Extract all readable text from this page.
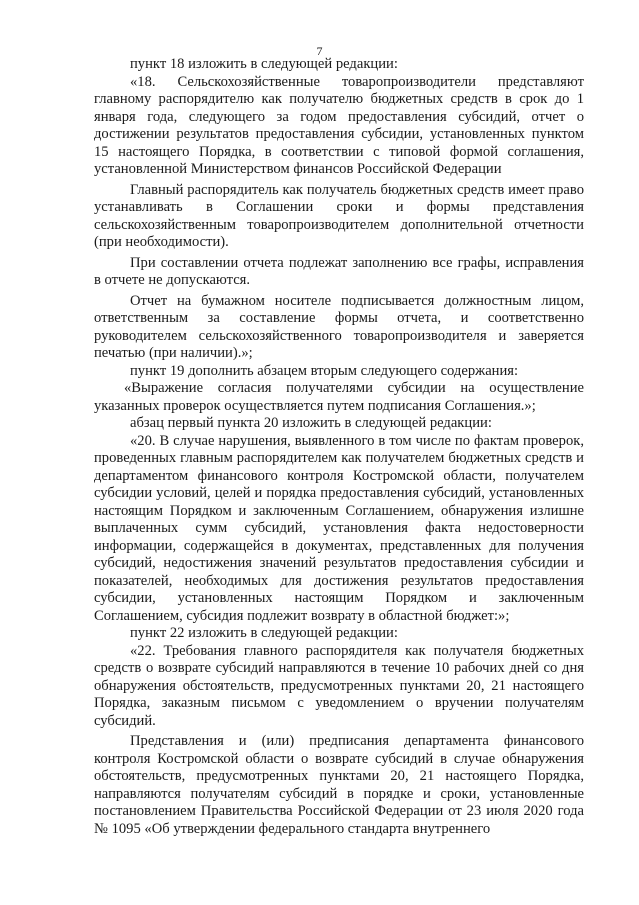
7

пункт 18 изложить в следующей редакции:

«18. Сельскохозяйственные товаропроизводители представляют главному распорядителю как получателю бюджетных средств в срок до 1 января года, следующего за годом предоставления субсидий, отчет о достижении результатов предоставления субсидии, установленных пунктом 15 настоящего Порядка, в соответствии с типовой формой соглашения, установленной Министерством финансов Российской Федерации

Главный распорядитель как получатель бюджетных средств имеет право устанавливать в Соглашении сроки и формы представления сельскохозяйственным товаропроизводителем дополнительной отчетности (при необходимости).

При составлении отчета подлежат заполнению все графы, исправления в отчете не допускаются.

Отчет на бумажном носителе подписывается должностным лицом, ответственным за составление формы отчета, и соответственно руководителем сельскохозяйственного товаропроизводителя и заверяется печатью (при наличии).»;

пункт 19 дополнить абзацем вторым следующего содержания:

«Выражение согласия получателями субсидии на осуществление указанных проверок осуществляется путем подписания Соглашения.»;

абзац первый пункта 20 изложить в следующей редакции:

«20. В случае нарушения, выявленного в том числе по фактам проверок, проведенных главным распорядителем как получателем бюджетных средств и департаментом финансового контроля Костромской области, получателем субсидии условий, целей и порядка предоставления субсидий, установленных настоящим Порядком и заключенным Соглашением, обнаружения излишне выплаченных сумм субсидий, установления факта недостоверности информации, содержащейся в документах, представленных для получения субсидий, недостижения значений результатов предоставления субсидии и показателей, необходимых для достижения результатов предоставления субсидии, установленных настоящим Порядком и заключенным Соглашением, субсидия подлежит возврату в областной бюджет:»;

пункт 22 изложить в следующей редакции:

«22. Требования главного распорядителя как получателя бюджетных средств о возврате субсидий направляются в течение 10 рабочих дней со дня обнаружения обстоятельств, предусмотренных пунктами 20, 21 настоящего Порядка, заказным письмом с уведомлением о вручении получателям субсидий.

Представления и (или) предписания департамента финансового контроля Костромской области о возврате субсидий в случае обнаружения обстоятельств, предусмотренных пунктами 20, 21 настоящего Порядка, направляются получателям субсидий в порядке и сроки, установленные постановлением Правительства Российской Федерации от 23 июля 2020 года № 1095 «Об утверждении федерального стандарта внутреннего
